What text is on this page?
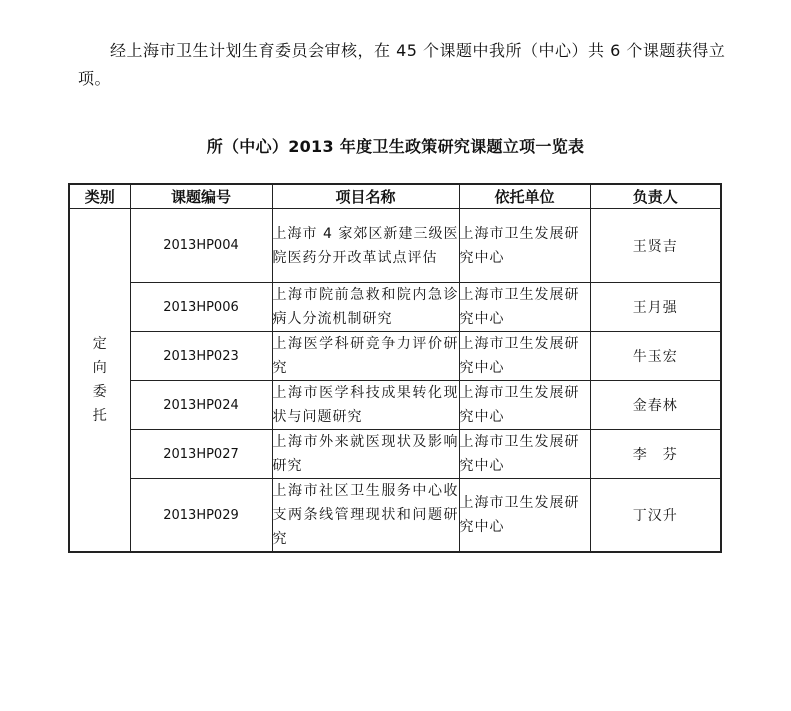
经上海市卫生计划生育委员会审核，在 45 个课题中我所（中心）共 6 个课题获得立项。

所（中心）2013 年度卫生政策研究课题立项一览表

类别	课题编号	项目名称	依托单位	负责人
定向委托	2013HP004	上海市 4 家郊区新建三级医院医药分开改革试点评估	上海市卫生发展研究中心	王贤吉
	2013HP006	上海市院前急救和院内急诊病人分流机制研究	上海市卫生发展研究中心	王月强
	2013HP023	上海医学科研竞争力评价研究	上海市卫生发展研究中心	牛玉宏
	2013HP024	上海市医学科技成果转化现状与问题研究	上海市卫生发展研究中心	金春林
	2013HP027	上海市外来就医现状及影响研究	上海市卫生发展研究中心	李　芬
	2013HP029	上海市社区卫生服务中心收支两条线管理现状和问题研究	上海市卫生发展研究中心	丁汉升
